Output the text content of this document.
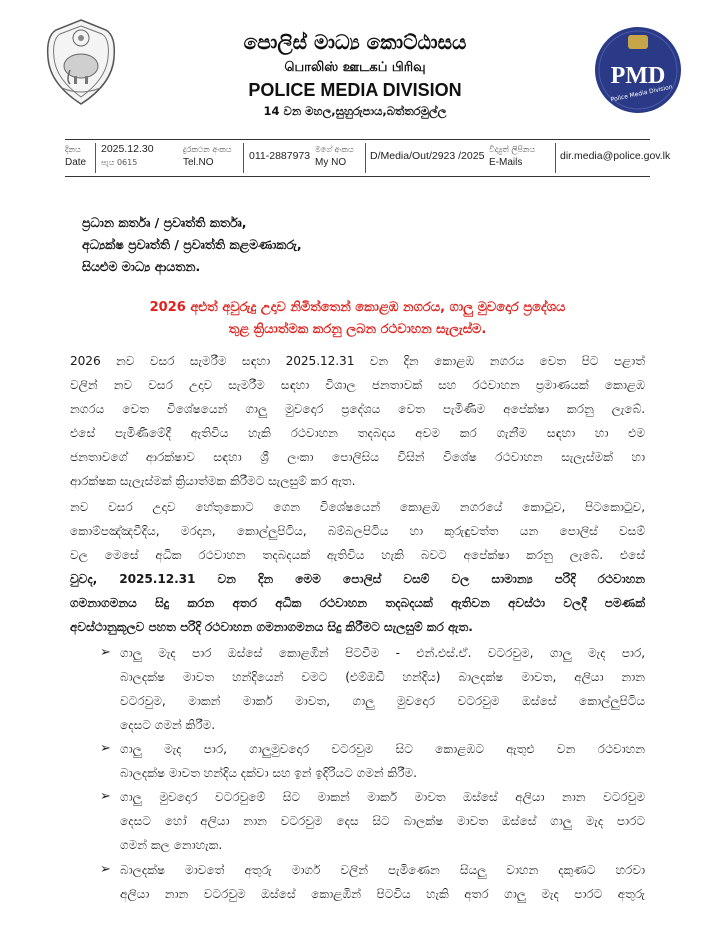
PMD
Police Media Division
පොලිස් මාධ්‍ය කොට්ඨාසය
பொலிஸ் ஊடகப் பிரிவு
POLICE MEDIA DIVISION
14 වන මහල,සුහුරුපාය,බත්තරමුල්ල
දිනය
Date
2025.12.30
පැය 0615
දුරකථන අංකය
Tel.NO
011-2887973
මගේ අංකය
My NO
D/Media/Out/2923 /2025
විද්‍යුත් ලිපිනය
E-Mails
dir.media@police.gov.lk
ප්‍රධාන කර්තෘ / ප්‍රවෘත්ති කර්තෘ,
අධ්‍යක්ෂ ප්‍රවෘත්ති / ප්‍රවෘත්ති කළමණාකරු,
සියළුම මාධ්‍ය ආයතන.
2026 අළුත් අවුරුදු උදාව නිමිත්තෙන් කොළඹ නගරය, ගාලු මුවදොර ප්‍රදේශය
තුළ ක්‍රියාත්මක කරනු ලබන රථවාහන සැලැස්ම.
2026 නව වසර සැමරීම සඳහා 2025.12.31 වන දින කොළඹ නගරය වෙත පිට පළාත්
වලින් නව වසර උදාව සැමරීම සඳහා විශාල ජනතාවක් සහ රථවාහන ප්‍රමාණයක් කොළඹ
නගරය වෙත විශේෂයෙන් ගාලු මුවදොර ප්‍රදේශය වෙත පැමිණීම අපේක්ෂා කරනු ලැබේ.
එසේ පැමිණීමේදී ඇතිවිය හැකි රථවාහන තදබදය අවම කර ගැනීම සඳහා හා එම
ජනතාවගේ ආරක්ෂාව සඳහා ශ්‍රී ලංකා පොලිසිය විසින් විශේෂ රථවාහන සැලැස්මක් හා
ආරක්ෂක සැලැස්මක් ක්‍රියාත්මක කිරීමට සැලසුම් කර ඇත.
නව වසර උදාව හේතුකොට ගෙන විශේෂයෙන් කොළඹ නගරයේ කොටුව, පිටකොටුව,
කොම්පඤ්ඤවීදිය, මරදාන, කොල්ලුපිටිය, බම්බලපිටිය හා කුරුඳුවත්ත යන පොලිස් වසම්
වල මෙසේ අධික රථවාහන තදබදයක් ඇතිවිය හැකි බවට අපේක්ෂා කරනු ලැබේ. එසේ
වුවද, 2025.12.31 වන දින මෙම පොලිස් වසම් වල සාමාන්‍ය පරිදි රථවාහන
ගමනාගමනය සිදු කරන අතර අධික රථවාහන තදබදයක් ඇතිවන අවස්ථා වලදී පමණක්
අවස්ථානුකූලව පහත පරිදි රථවාහන ගමනාගමනය සිදු කිරීමට සැලසුම් කර ඇත.
➢ ගාලු මැද පාර ඔස්සේ කොළඹින් පිටවීම - එන්.එස්.ඒ. වටරවුම, ගාලු මැද පාර,
බාලදක්ෂ මාවත හන්දියෙන් වමට (එම්ඔඩී හන්දිය) බාලදක්ෂ මාවත, අලියා නාන
වටරවුම, මාකන් මාකර් මාවත, ගාලු මුවදොර වටරවුම ඔස්සේ කොල්ලුපිටිය
දෙසට ගමන් කිරීම.
➢ ගාලු මැද පාර, ගාලුමුවදොර වටරවුම සිට කොළඹට ඇතුළු වන රථවාහන
බාලදක්ෂ මාවත හන්දිය දක්වා සහ ඉන් ඉදිරියට ගමන් කිරීම.
➢ ගාලු මුවදොර වටරවුමේ සිට මාකන් මාකර් මාවත ඔස්සේ අලියා නාන වටරවුම
දෙසට හෝ අලියා නාන වටරවුම දෙස සිට බාලක්ෂ මාවත ඔස්සේ ගාලු මැද පාරට
ගමන් කල නොහැක.
➢ බාලදක්ෂ මාවතේ අතුරු මාර්ග වලින් පැමිණෙන සියලු වාහන දකුණට හරවා
අලියා නාන වටරවුම ඔස්සේ කොළඹින් පිටවිය හැකි අතර ගාලු මැද පාරට අතුරු
